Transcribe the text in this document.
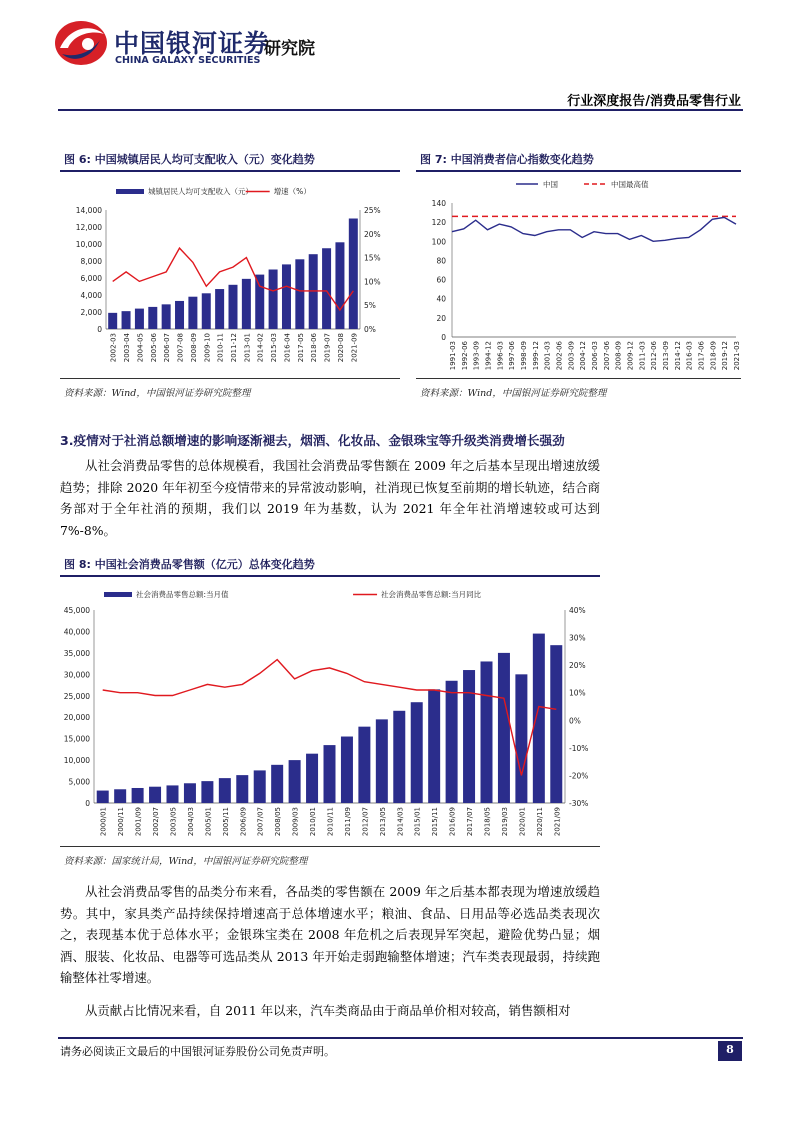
中国银河证券
CHINA GALAXY SECURITIES
研究院
行业深度报告/消费品零售行业
图 6: 中国城镇居民人均可支配收入（元）变化趋势
城镇居民人均可支配收入（元）	增速（%）
0
2,000
4,000
6,000
8,000
10,000
12,000
14,000
0%
5%
10%
15%
20%
25%
2002-03 2003-04 2004-05 2005-06 2006-07 2007-08 2008-09 2009-10 2010-11 2011-12 2013-01 2014-02 2015-03 2016-04 2017-05 2018-06 2019-07 2020-08 2021-09
资料来源：Wind，中国银河证券研究院整理
图 7: 中国消费者信心指数变化趋势
中国	中国最高值
0
20
40
60
80
100
120
140
1991-03 1992-06 1993-09 1994-12 1996-03 1997-06 1998-09 1999-12 2001-03 2002-06 2003-09 2004-12 2006-03 2007-06 2008-09 2009-12 2011-03 2012-06 2013-09 2014-12 2016-03 2017-06 2018-09 2019-12 2021-03
资料来源：Wind，中国银河证券研究院整理
3.疫情对于社消总额增速的影响逐渐褪去，烟酒、化妆品、金银珠宝等升级类消费增长强劲

从社会消费品零售的总体规模看，我国社会消费品零售额在 2009 年之后基本呈现出增速放缓趋势；排除 2020 年年初至今疫情带来的异常波动影响，社消现已恢复至前期的增长轨迹，结合商务部对于全年社消的预期，我们以 2019 年为基数，认为 2021 年全年社消增速较或可达到 7%-8%。

图 8: 中国社会消费品零售额（亿元）总体变化趋势
社会消费品零售总额:当月值	社会消费品零售总额:当月同比
0
5,000
10,000
15,000
20,000
25,000
30,000
35,000
40,000
45,000
-30%
-20%
-10%
0%
10%
20%
30%
40%
2000/01 2000/11 2001/09 2002/07 2003/05 2004/03 2005/01 2005/11 2006/09 2007/07 2008/05 2009/03 2010/01 2010/11 2011/09 2012/07 2013/05 2014/03 2015/01 2015/11 2016/09 2017/07 2018/05 2019/03 2020/01 2020/11 2021/09
资料来源：国家统计局，Wind，中国银河证券研究院整理

从社会消费品零售的品类分布来看，各品类的零售额在 2009 年之后基本都表现为增速放缓趋势。其中，家具类产品持续保持增速高于总体增速水平；粮油、食品、日用品等必选品类表现次之，表现基本优于总体水平；金银珠宝类在 2008 年危机之后表现异军突起，避险优势凸显；烟酒、服装、化妆品、电器等可选品类从 2013 年开始走弱跑输整体增速；汽车类表现最弱，持续跑输整体社零增速。

从贡献占比情况来看，自 2011 年以来，汽车类商品由于商品单价相对较高，销售额相对

请务必阅读正文最后的中国银河证券股份公司免责声明。	8
